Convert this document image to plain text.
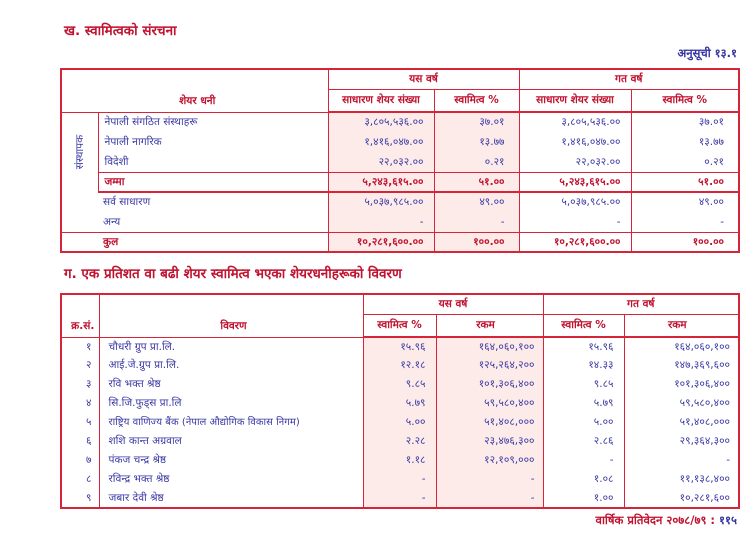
ख. स्वामित्वको संरचना
अनुसूची १३.१
शेयर धनी		यस वर्ष		गत वर्ष	
		साधारण शेयर संख्या	स्वामित्व %	साधारण शेयर संख्या	स्वामित्व %

संस्थापक	नेपाली संगठित संस्थाहरू	३,८०५,५३६.००	३७.०१	३,८०५,५३६.००	३७.०१
	नेपाली नागरिक	१,४१६,०४७.००	१३.७७	१,४१६,०४७.००	१३.७७
	विदेशी	२२,०३२.००	०.२१	२२,०३२.००	०.२१
	जम्मा	५,२४३,६१५.००	५१.००	५,२४३,६१५.००	५१.००
सर्व साधारण		५,०३७,९८५.००	४९.००	५,०३७,९८५.००	४९.००
अन्य		-	-	-	-
कुल		१०,२८१,६००.००	१००.००	१०,२८१,६००.००	१००.००
ग. एक प्रतिशत वा बढी शेयर स्वामित्व भएका शेयरधनीहरूको विवरण
क्र.सं.	विवरण	यस वर्ष		गत वर्ष	
		स्वामित्व %	रकम	स्वामित्व %	रकम
१	चौधरी ग्रुप प्रा.लि.	१५.९६	१६४,०६०,१००	१५.९६	१६४,०६०,१००
२	आई.जे.ग्रुप प्रा.लि.	१२.१८	१२५,२६४,२००	१४.३३	१४७,३६९,६००
३	रवि भक्त श्रेष्ठ	९.८५	१०१,३०६,४००	९.८५	१०१,३०६,४००
४	सि.जि.फुड्स प्रा.लि	५.७९	५९,५८०,४००	५.७९	५९,५८०,४००
५	राष्ट्रिय वाणिज्य बैंक (नेपाल औद्योगिक विकास निगम)	५.००	५१,४०८,०००	५.००	५१,४०८,०००
६	शशि कान्त अग्रवाल	२.२८	२३,४७६,३००	२.८६	२९,३६४,३००
७	पंकज चन्द्र श्रेष्ठ	१.१८	१२,१०९,०००	-	-
८	रविन्द्र भक्त श्रेष्ठ	-	-	१.०८	११,१३८,४००
९	जबार देवी श्रेष्ठ	-	-	१.००	१०,२८१,६००
वार्षिक प्रतिवेदन २०७८/७९ : ११५
